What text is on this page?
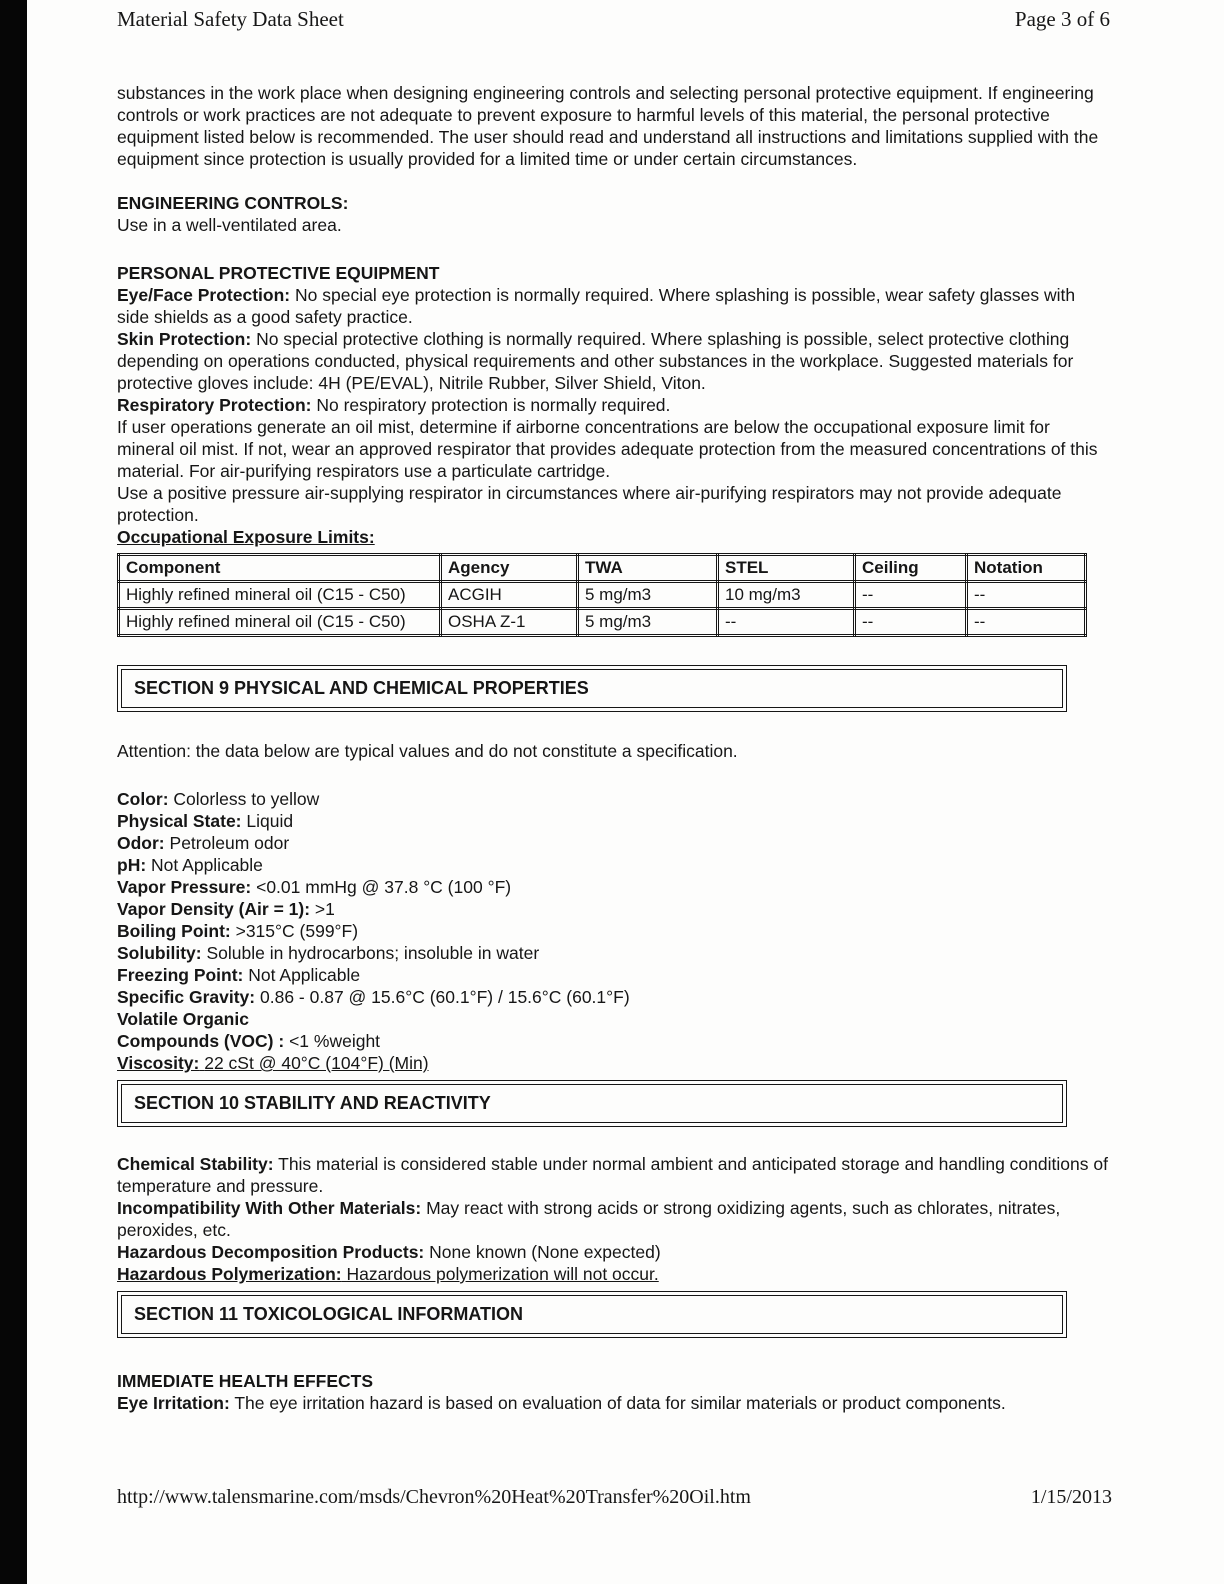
Material Safety Data Sheet	Page 3 of 6

substances in the work place when designing engineering controls and selecting personal protective equipment. If engineering controls or work practices are not adequate to prevent exposure to harmful levels of this material, the personal protective equipment listed below is recommended. The user should read and understand all instructions and limitations supplied with the equipment since protection is usually provided for a limited time or under certain circumstances.

ENGINEERING CONTROLS:

Use in a well-ventilated area.

PERSONAL PROTECTIVE EQUIPMENT

Eye/Face Protection: No special eye protection is normally required. Where splashing is possible, wear safety glasses with side shields as a good safety practice.

Skin Protection: No special protective clothing is normally required. Where splashing is possible, select protective clothing depending on operations conducted, physical requirements and other substances in the workplace. Suggested materials for protective gloves include: 4H (PE/EVAL), Nitrile Rubber, Silver Shield, Viton.

Respiratory Protection: No respiratory protection is normally required.

If user operations generate an oil mist, determine if airborne concentrations are below the occupational exposure limit for mineral oil mist. If not, wear an approved respirator that provides adequate protection from the measured concentrations of this material. For air-purifying respirators use a particulate cartridge.

Use a positive pressure air-supplying respirator in circumstances where air-purifying respirators may not provide adequate protection.

Occupational Exposure Limits:

Component	Agency	TWA	STEL	Ceiling	Notation
Highly refined mineral oil (C15 - C50)	ACGIH	5 mg/m3	10 mg/m3	--	--
Highly refined mineral oil (C15 - C50)	OSHA Z-1	5 mg/m3	--	--	--
SECTION 9 PHYSICAL AND CHEMICAL PROPERTIES

Attention: the data below are typical values and do not constitute a specification.

Color: Colorless to yellow

Physical State: Liquid

Odor: Petroleum odor

pH: Not Applicable

Vapor Pressure: <0.01 mmHg @ 37.8 °C (100 °F)

Vapor Density (Air = 1): >1

Boiling Point: >315°C (599°F)

Solubility: Soluble in hydrocarbons; insoluble in water

Freezing Point: Not Applicable

Specific Gravity: 0.86 - 0.87 @ 15.6°C (60.1°F) / 15.6°C (60.1°F)

Volatile Organic

Compounds (VOC) : <1 %weight

Viscosity: 22 cSt @ 40°C (104°F) (Min)

SECTION 10 STABILITY AND REACTIVITY

Chemical Stability: This material is considered stable under normal ambient and anticipated storage and handling conditions of temperature and pressure.

Incompatibility With Other Materials: May react with strong acids or strong oxidizing agents, such as chlorates, nitrates, peroxides, etc.

Hazardous Decomposition Products: None known (None expected)

Hazardous Polymerization: Hazardous polymerization will not occur.

SECTION 11 TOXICOLOGICAL INFORMATION

IMMEDIATE HEALTH EFFECTS

Eye Irritation: The eye irritation hazard is based on evaluation of data for similar materials or product components.

http://www.talensmarine.com/msds/Chevron%20Heat%20Transfer%20Oil.htm	1/15/2013
